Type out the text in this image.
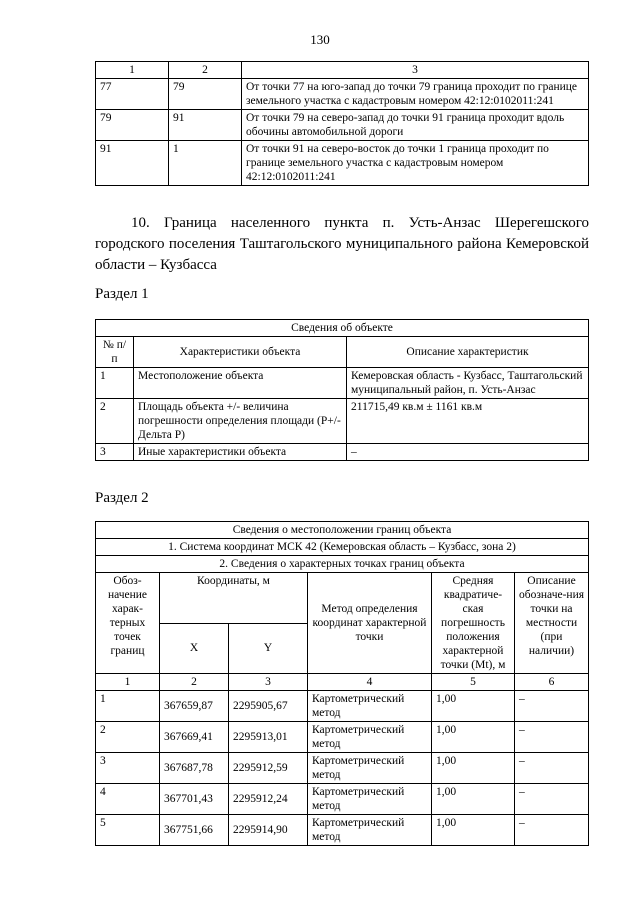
130
1	2	3
77	79	От точки 77 на юго-запад до точки 79 граница проходит по границе земельного участка с кадастровым номером 42:12:0102011:241
79	91	От точки 79 на северо-запад до точки 91 граница проходит вдоль обочины автомобильной дороги
91	1	От точки 91 на северо-восток до точки 1 граница проходит по границе земельного участка с кадастровым номером 42:12:0102011:241
10. Граница населенного пункта п. Усть-Анзас Шерегешского городского поселения Таштагольского муниципального района Кемеровской области – Кузбасса
Раздел 1
Сведения об объекте		
№ п/п	Характеристики объекта	Описание характеристик
1	Местоположение объекта	Кемеровская область - Кузбасс, Таштагольский муниципальный район, п. Усть-Анзас
2	Площадь объекта +/- величина погрешности определения площади (Р+/- Дельта Р)	211715,49 кв.м ± 1161 кв.м
3	Иные характеристики объекта	–
Раздел 2
Сведения о местоположении границ объекта					
1. Система координат МСК 42 (Кемеровская область – Кузбасс, зона 2)					
2. Сведения о характерных точках границ объекта					
Обоз-начение харак-терных точек границ	Координаты, м		Метод определения координат характерной точки	Средняя квадратиче-ская погрешность положения характерной точки (Mt), м	Описание обозначе-ния точки на местности (при наличии)
	X	Y			
1	2	3	4	5	6
1	367659,87	2295905,67	Картометрический метод	1,00	–
2	367669,41	2295913,01	Картометрический метод	1,00	–
3	367687,78	2295912,59	Картометрический метод	1,00	–
4	367701,43	2295912,24	Картометрический метод	1,00	–
5	367751,66	2295914,90	Картометрический метод	1,00	–
